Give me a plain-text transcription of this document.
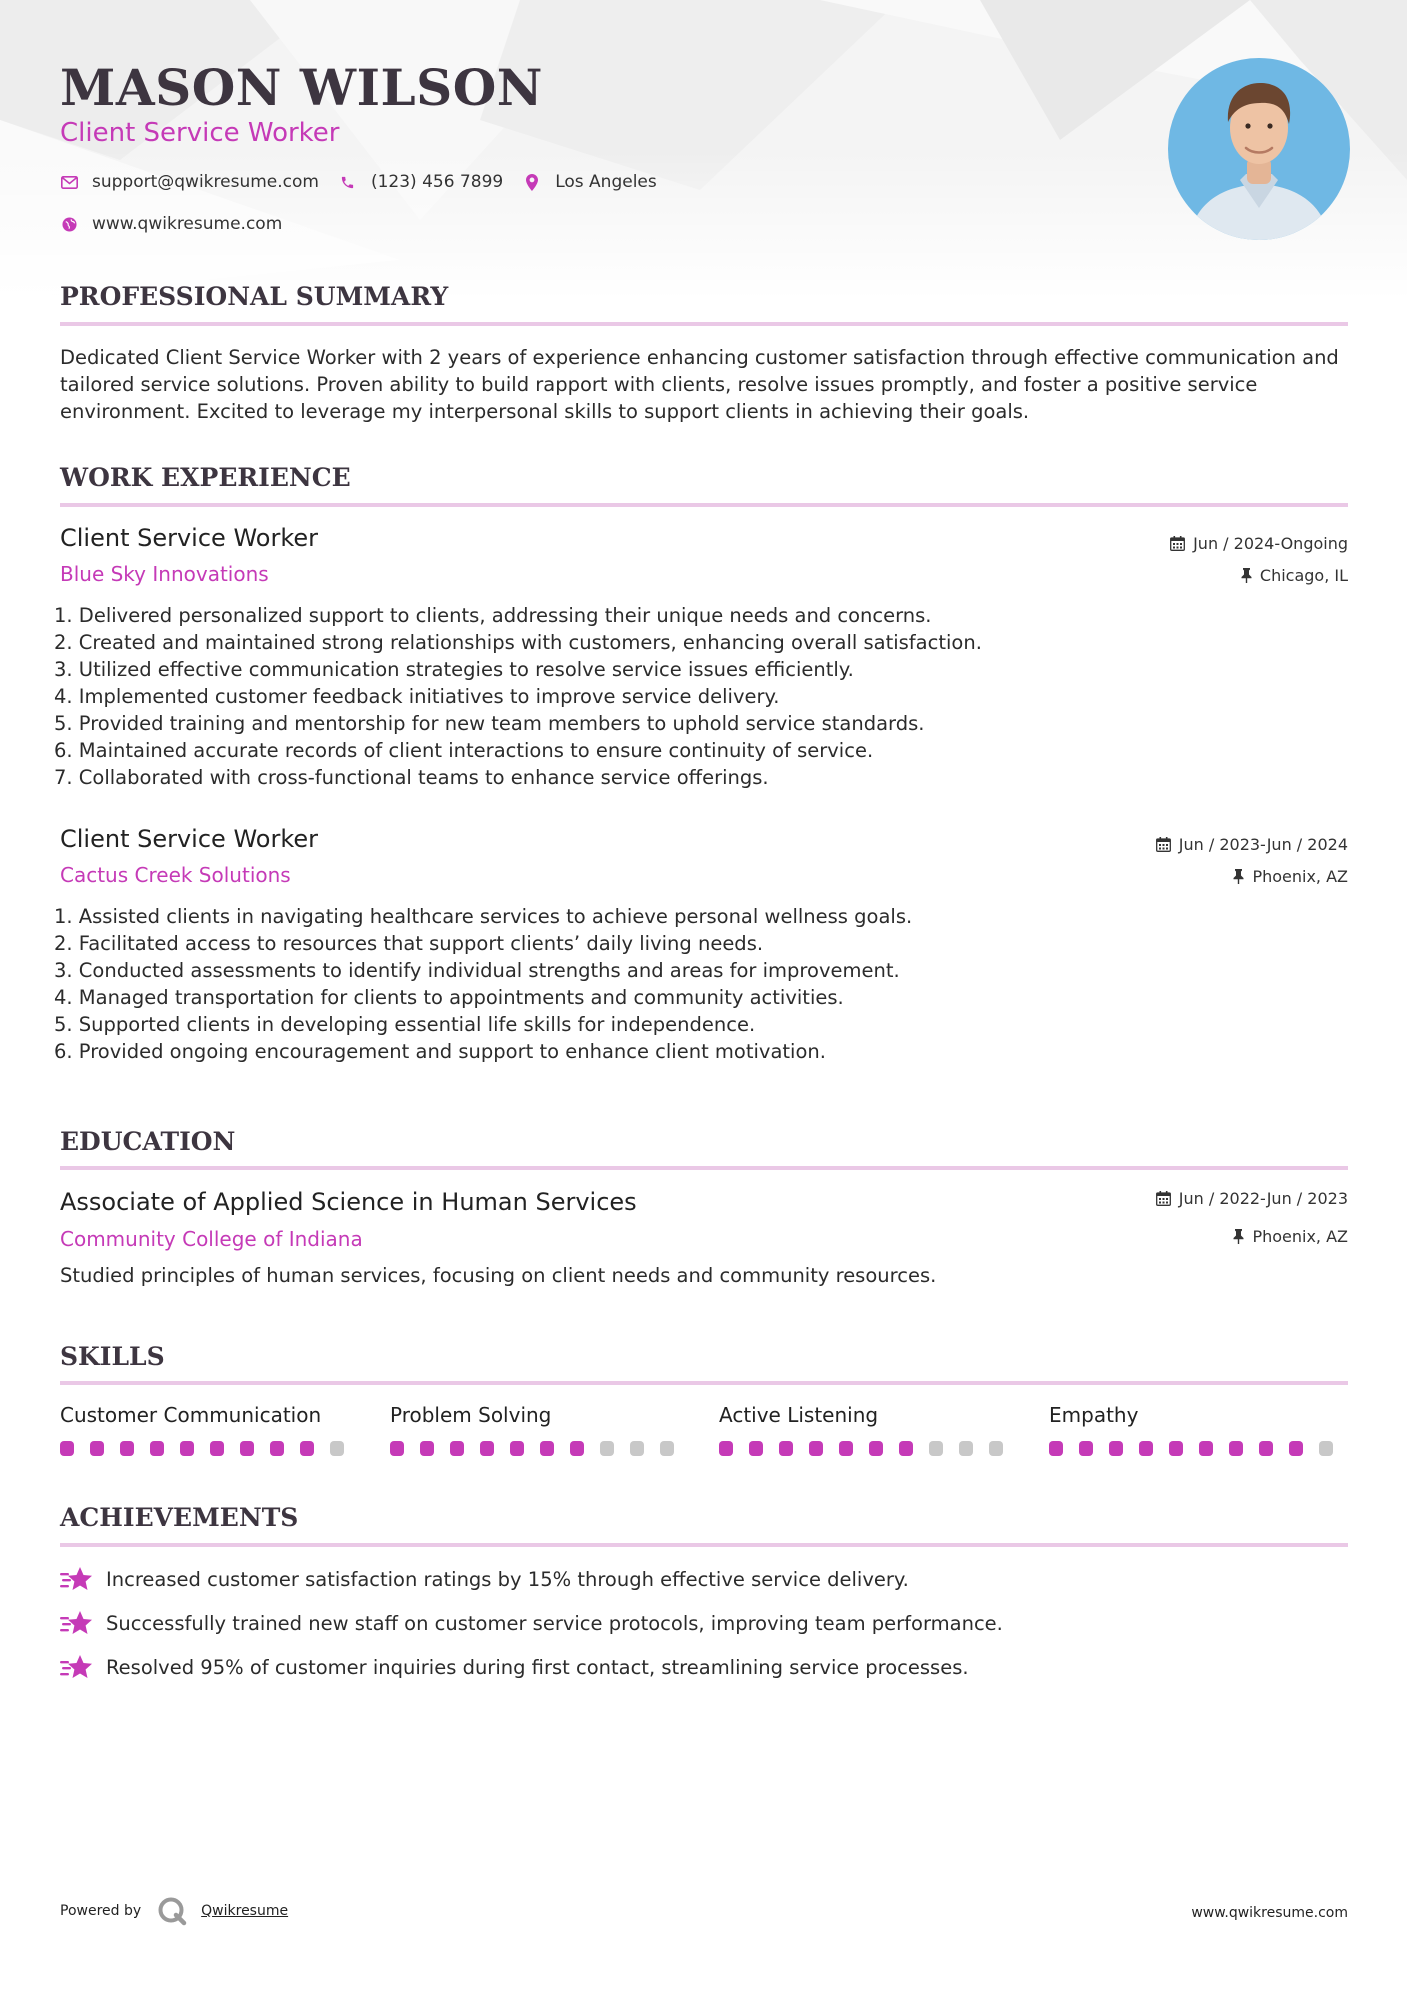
MASON WILSON
Client Service Worker
support@qwikresume.com	(123) 456 7899	Los Angeles
www.qwikresume.com
PROFESSIONAL SUMMARY

Dedicated Client Service Worker with 2 years of experience enhancing customer satisfaction through effective communication and tailored service solutions. Proven ability to build rapport with clients, resolve issues promptly, and foster a positive service environment. Excited to leverage my interpersonal skills to support clients in achieving their goals.

WORK EXPERIENCE
Client Service Worker
Blue Sky Innovations
Jun / 2024-Ongoing
Chicago, IL
1. Delivered personalized support to clients, addressing their unique needs and concerns.
2. Created and maintained strong relationships with customers, enhancing overall satisfaction.
3. Utilized effective communication strategies to resolve service issues efficiently.
4. Implemented customer feedback initiatives to improve service delivery.
5. Provided training and mentorship for new team members to uphold service standards.
6. Maintained accurate records of client interactions to ensure continuity of service.
7. Collaborated with cross-functional teams to enhance service offerings.
Client Service Worker
Cactus Creek Solutions
Jun / 2023-Jun / 2024
Phoenix, AZ
1. Assisted clients in navigating healthcare services to achieve personal wellness goals.
2. Facilitated access to resources that support clients’ daily living needs.
3. Conducted assessments to identify individual strengths and areas for improvement.
4. Managed transportation for clients to appointments and community activities.
5. Supported clients in developing essential life skills for independence.
6. Provided ongoing encouragement and support to enhance client motivation.
EDUCATION
Associate of Applied Science in Human Services
Community College of Indiana
Jun / 2022-Jun / 2023
Phoenix, AZ

Studied principles of human services, focusing on client needs and community resources.

SKILLS
Customer Communication	Problem Solving	Active Listening	Empathy
ACHIEVEMENTS
Increased customer satisfaction ratings by 15% through effective service delivery.
Successfully trained new staff on customer service protocols, improving team performance.
Resolved 95% of customer inquiries during first contact, streamlining service processes.
Powered by	Qwikresume	www.qwikresume.com
